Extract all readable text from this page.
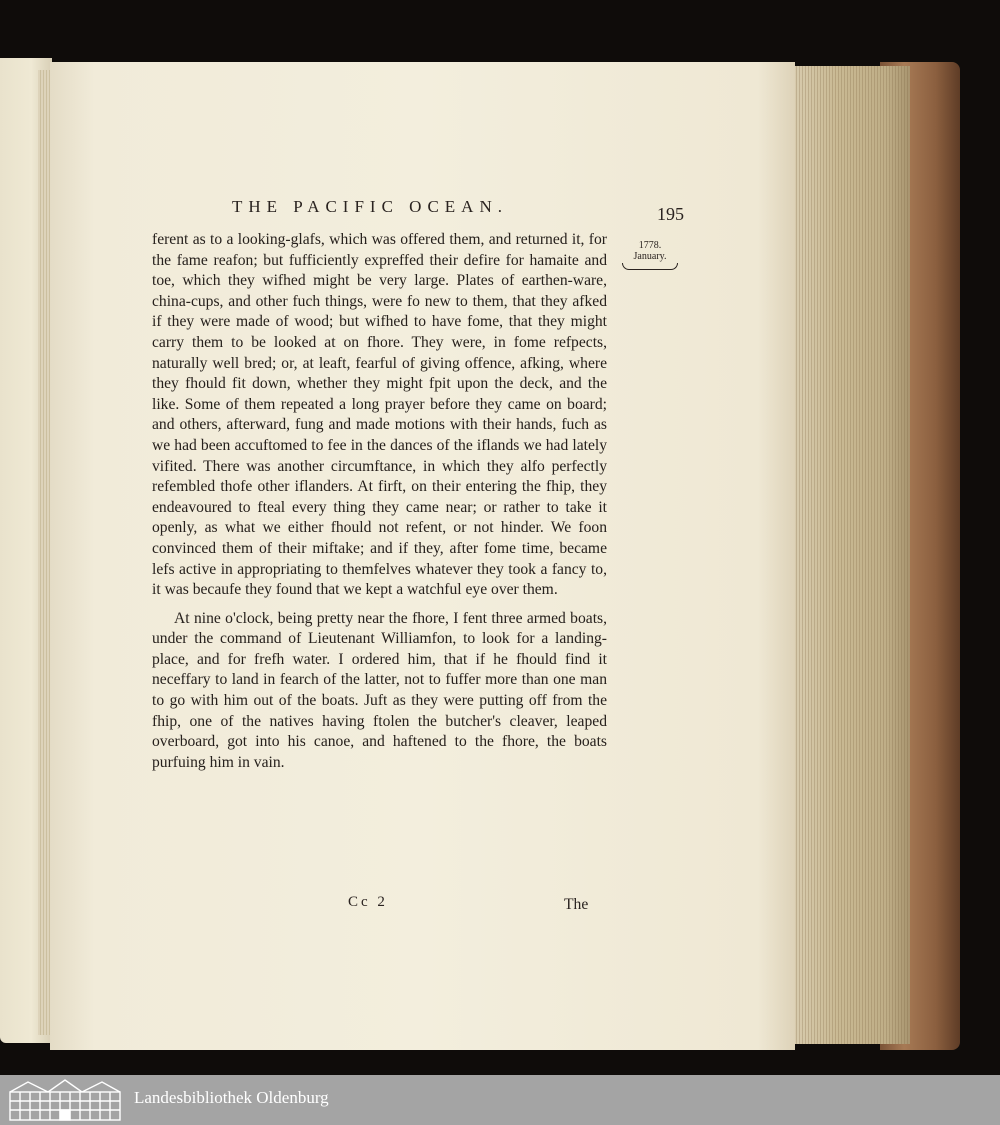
THE PACIFIC OCEAN.	195
1778.
January.

ferent as to a looking-glafs, which was offered them, and returned it, for the fame reafon; but fufficiently expreffed their defire for hamaite and toe, which they wifhed might be very large. Plates of earthen-ware, china-cups, and other fuch things, were fo new to them, that they afked if they were made of wood; but wifhed to have fome, that they might carry them to be looked at on fhore. They were, in fome refpects, naturally well bred; or, at leaft, fearful of giving offence, afking, where they fhould fit down, whether they might fpit upon the deck, and the like. Some of them repeated a long prayer before they came on board; and others, afterward, fung and made motions with their hands, fuch as we had been accuftomed to fee in the dances of the iflands we had lately vifited. There was another circumftance, in which they alfo perfectly refembled thofe other iflanders. At firft, on their entering the fhip, they endeavoured to fteal every thing they came near; or rather to take it openly, as what we either fhould not refent, or not hinder. We foon convinced them of their miftake; and if they, after fome time, became lefs active in appropriating to themfelves whatever they took a fancy to, it was becaufe they found that we kept a watchful eye over them.

At nine o'clock, being pretty near the fhore, I fent three armed boats, under the command of Lieutenant Williamfon, to look for a landing-place, and for frefh water. I ordered him, that if he fhould find it neceffary to land in fearch of the latter, not to fuffer more than one man to go with him out of the boats. Juft as they were putting off from the fhip, one of the natives having ftolen the butcher's cleaver, leaped overboard, got into his canoe, and haftened to the fhore, the boats purfuing him in vain.

Cc 2	The
Landesbibliothek Oldenburg
